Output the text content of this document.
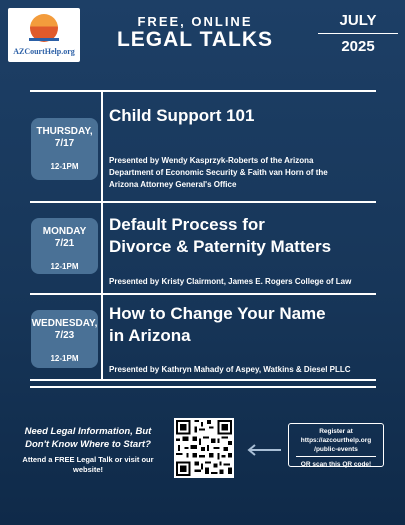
AZCourtHelp.org
FREE, ONLINE
LEGAL TALKS
JULY
2025
THURSDAY,
7/17
12-1PM
Child Support 101
Presented by Wendy Kasprzyk-Roberts of the Arizona
Department of Economic Security & Faith van Horn of the
Arizona Attorney General's Office
MONDAY
7/21
12-1PM
Default Process for
Divorce & Paternity Matters
Presented by Kristy Clairmont, James E. Rogers College of Law
WEDNESDAY,
7/23
12-1PM
How to Change Your Name
in Arizona
Presented by Kathryn Mahady of Aspey, Watkins & Diesel PLLC
Need Legal Information, But
Don't Know Where to Start?
Attend a FREE Legal Talk or visit our
website!
Register at
https://azcourthelp.org
/public-events
OR scan this QR code!
